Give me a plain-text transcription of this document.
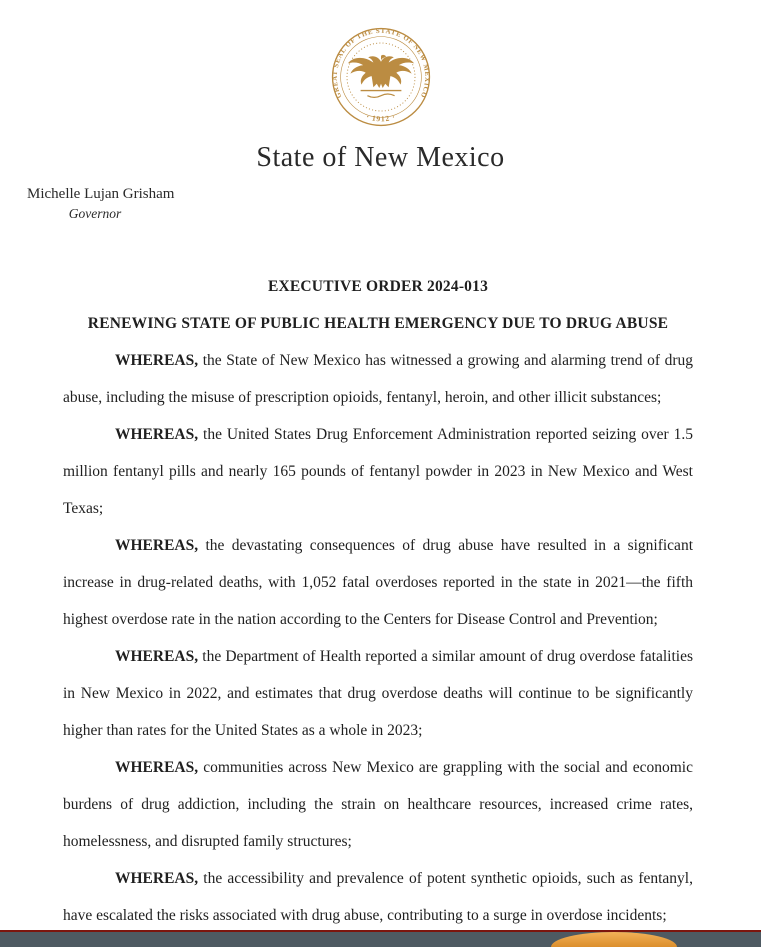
GREAT SEAL OF THE STATE OF NEW MEXICO
· 1912 ·
State of New Mexico
Michelle Lujan Grisham
Governor

EXECUTIVE ORDER 2024-013

RENEWING STATE OF PUBLIC HEALTH EMERGENCY DUE TO DRUG ABUSE

WHEREAS, the State of New Mexico has witnessed a growing and alarming trend of drug abuse, including the misuse of prescription opioids, fentanyl, heroin, and other illicit substances;

WHEREAS, the United States Drug Enforcement Administration reported seizing over 1.5 million fentanyl pills and nearly 165 pounds of fentanyl powder in 2023 in New Mexico and West Texas;

WHEREAS, the devastating consequences of drug abuse have resulted in a significant increase in drug-related deaths, with 1,052 fatal overdoses reported in the state in 2021—the fifth highest overdose rate in the nation according to the Centers for Disease Control and Prevention;

WHEREAS, the Department of Health reported a similar amount of drug overdose fatalities in New Mexico in 2022, and estimates that drug overdose deaths will continue to be significantly higher than rates for the United States as a whole in 2023;

WHEREAS, communities across New Mexico are grappling with the social and economic burdens of drug addiction, including the strain on healthcare resources, increased crime rates, homelessness, and disrupted family structures;

WHEREAS, the accessibility and prevalence of potent synthetic opioids, such as fentanyl, have escalated the risks associated with drug abuse, contributing to a surge in overdose incidents;
